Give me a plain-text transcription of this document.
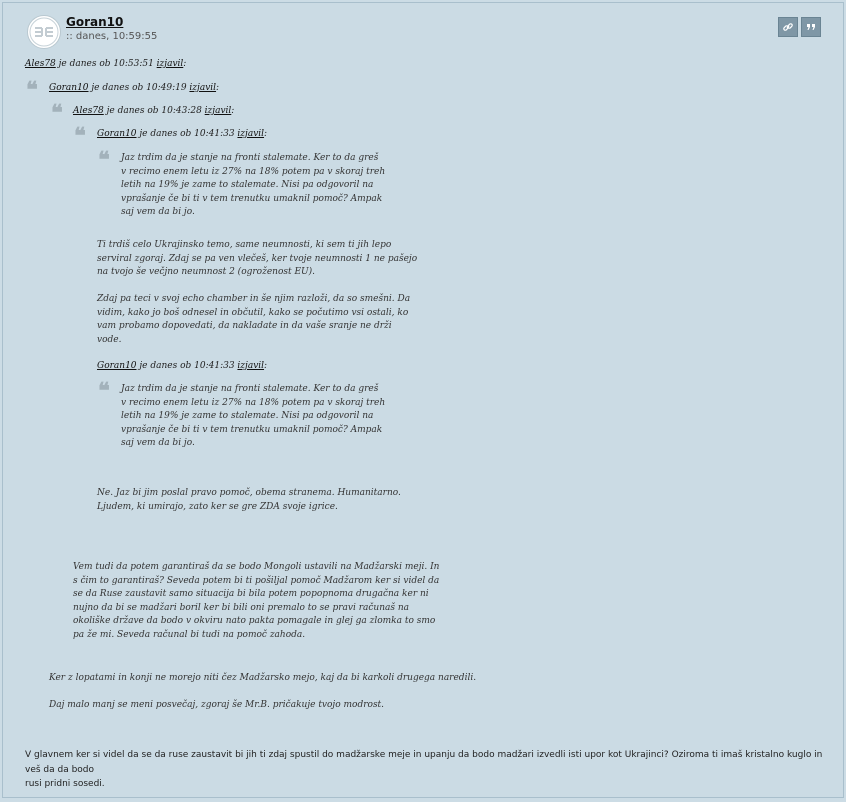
Goran10
:: danes, 10:59:55
Ales78 je danes ob 10:53:51 izjavil:
❝ Goran10 je danes ob 10:49:19 izjavil:
❝ Ales78 je danes ob 10:43:28 izjavil:
❝ Goran10 je danes ob 10:41:33 izjavil:
❝ Jaz trdim da je stanje na fronti stalemate. Ker to da greš
v recimo enem letu iz 27% na 18% potem pa v skoraj treh
letih na 19% je zame to stalemate. Nisi pa odgovoril na
vprašanje če bi ti v tem trenutku umaknil pomoč? Ampak
saj vem da bi jo.
Ti trdiš celo Ukrajinsko temo, same neumnosti, ki sem ti jih lepo
serviral zgoraj. Zdaj se pa ven vlečeš, ker tvoje neumnosti 1 ne pašejo
na tvojo še večjno neumnost 2 (ogroženost EU).
Zdaj pa teci v svoj echo chamber in še njim razloži, da so smešni. Da
vidim, kako jo boš odnesel in občutil, kako se počutimo vsi ostali, ko
vam probamo dopovedati, da nakladate in da vaše sranje ne drži
vode.
Goran10 je danes ob 10:41:33 izjavil:
❝ Jaz trdim da je stanje na fronti stalemate. Ker to da greš
v recimo enem letu iz 27% na 18% potem pa v skoraj treh
letih na 19% je zame to stalemate. Nisi pa odgovoril na
vprašanje če bi ti v tem trenutku umaknil pomoč? Ampak
saj vem da bi jo.
Ne. Jaz bi jim poslal pravo pomoč, obema stranema. Humanitarno.
Ljudem, ki umirajo, zato ker se gre ZDA svoje igrice.
Vem tudi da potem garantiraš da se bodo Mongoli ustavili na Madžarski meji. In
s čim to garantiraš? Seveda potem bi ti pošiljal pomoč Madžarom ker si videl da
se da Ruse zaustavit samo situacija bi bila potem popopnoma drugačna ker ni
nujno da bi se madžari boril ker bi bili oni premalo to se pravi računaš na
okoliške države da bodo v okviru nato pakta pomagale in glej ga zlomka to smo
pa že mi. Seveda računal bi tudi na pomoč zahoda.
Ker z lopatami in konji ne morejo niti čez Madžarsko mejo, kaj da bi karkoli drugega naredili.
Daj malo manj se meni posvečaj, zgoraj še Mr.B. pričakuje tvojo modrost.
V glavnem ker si videl da se da ruse zaustavit bi jih ti zdaj spustil do madžarske meje in upanju da bodo madžari izvedli isti upor kot Ukrajinci? Oziroma ti imaš kristalno kuglo in veš da da bodo
rusi pridni sosedi.
